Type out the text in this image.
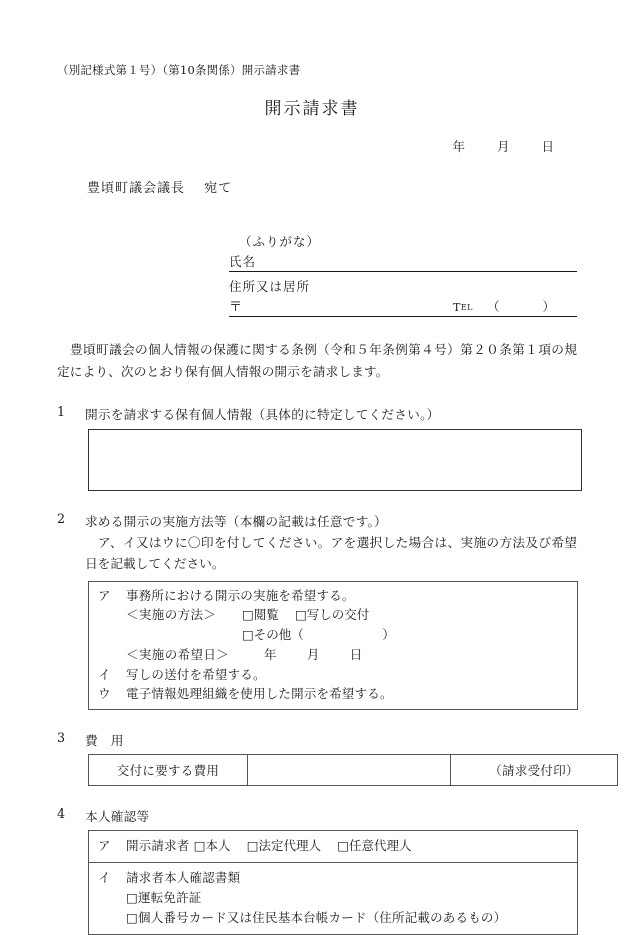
（別記様式第１号）（第10条関係）開示請求書
開示請求書
年 月 日
豊頃町議会議長 宛て
（ふりがな）
氏名
住所又は居所
〒	TEL （　　）
豊頃町議会の個人情報の保護に関する条例（令和５年条例第４号）第２０条第１項の規定により、次のとおり保有個人情報の開示を請求します。
1	開示を請求する保有個人情報（具体的に特定してください。）
2	求める開示の実施方法等（本欄の記載は任意です。）
ア、イ又はウに〇印を付してください。アを選択した場合は、実施の方法及び希望日を記載してください。
ア	事務所における開示の実施を希望する。
＜実施の方法＞	□閲覧 □写しの交付
□その他（	）
＜実施の希望日＞	年 月 日
イ	写しの送付を希望する。
ウ	電子情報処理組織を使用した開示を希望する。
3	費　用
交付に要する費用		（請求受付印）
4	本人確認等
ア	開示請求者 □本人 □法定代理人 □任意代理人

イ	請求者本人確認書類
□運転免許証
□個人番号カード又は住民基本台帳カード（住所記載のあるもの）
